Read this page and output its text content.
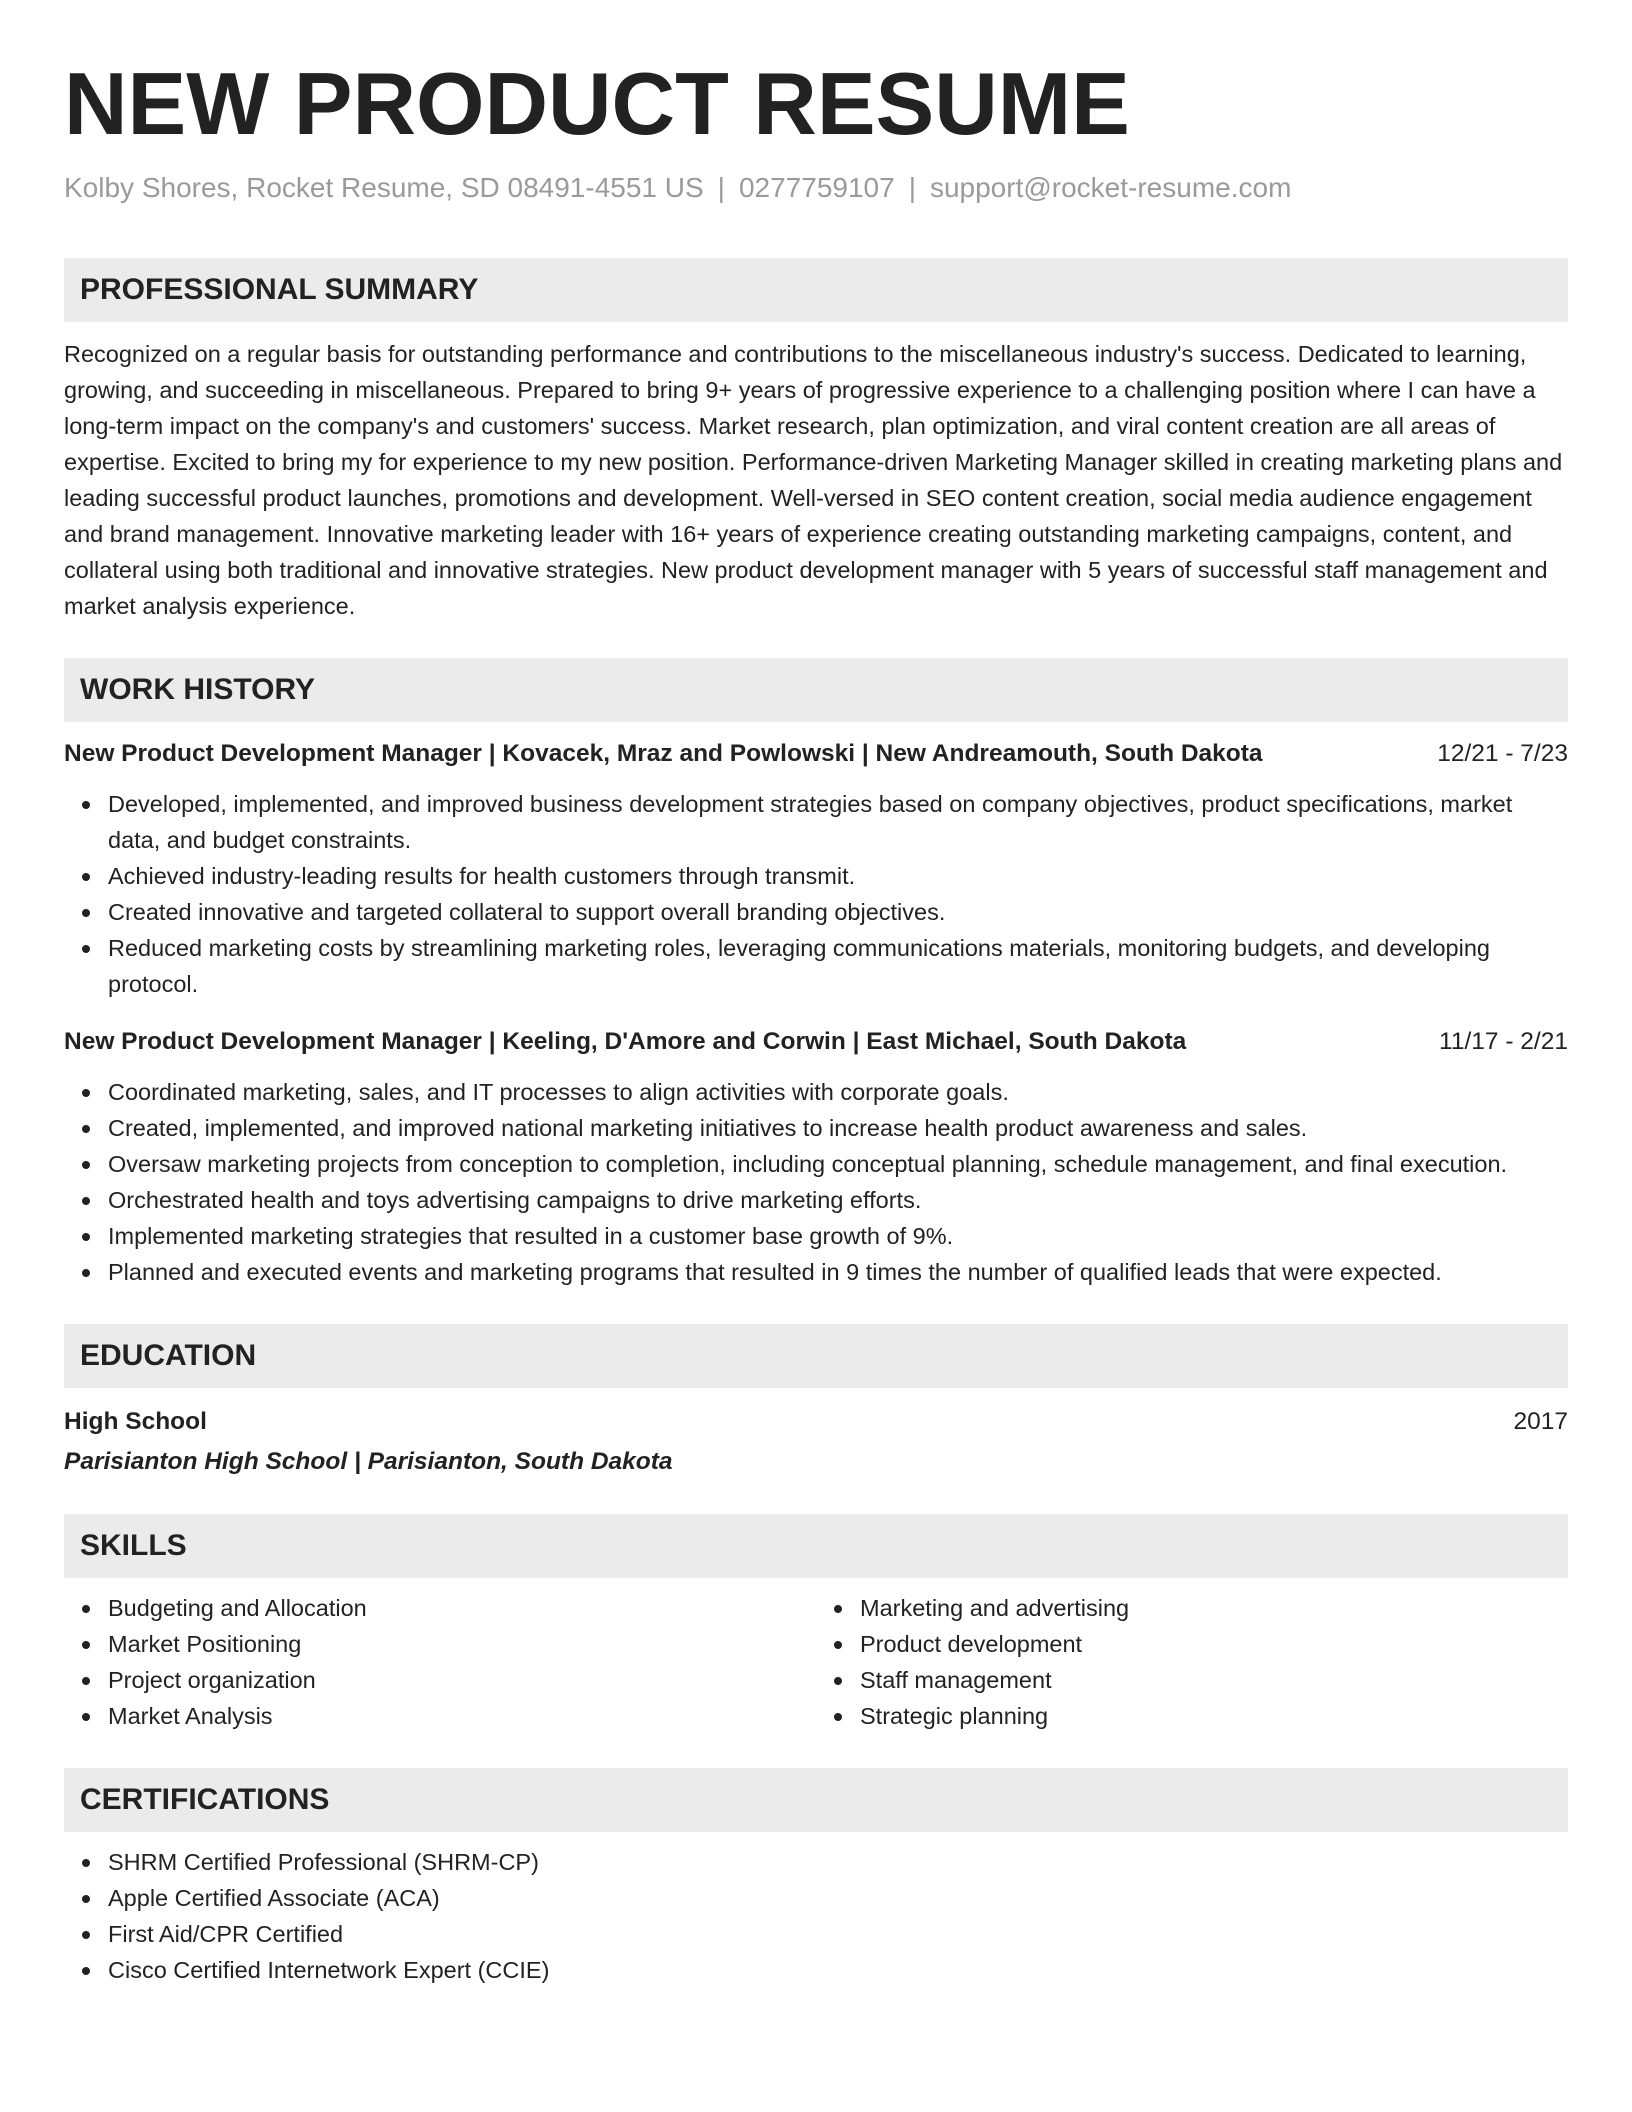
NEW PRODUCT RESUME
Kolby Shores, Rocket Resume, SD 08491-4551 US | 0277759107 | support@rocket-resume.com
PROFESSIONAL SUMMARY

Recognized on a regular basis for outstanding performance and contributions to the miscellaneous industry's success. Dedicated to learning, growing, and succeeding in miscellaneous. Prepared to bring 9+ years of progressive experience to a challenging position where I can have a long-term impact on the company's and customers' success. Market research, plan optimization, and viral content creation are all areas of expertise. Excited to bring my for experience to my new position. Performance-driven Marketing Manager skilled in creating marketing plans and leading successful product launches, promotions and development. Well-versed in SEO content creation, social media audience engagement and brand management. Innovative marketing leader with 16+ years of experience creating outstanding marketing campaigns, content, and collateral using both traditional and innovative strategies. New product development manager with 5 years of successful staff management and market analysis experience.

WORK HISTORY
New Product Development Manager | Kovacek, Mraz and Powlowski | New Andreamouth, South Dakota	12/21 - 7/23
Developed, implemented, and improved business development strategies based on company objectives, product specifications, market data, and budget constraints.
Achieved industry-leading results for health customers through transmit.
Created innovative and targeted collateral to support overall branding objectives.
Reduced marketing costs by streamlining marketing roles, leveraging communications materials, monitoring budgets, and developing protocol.
New Product Development Manager | Keeling, D'Amore and Corwin | East Michael, South Dakota	11/17 - 2/21
Coordinated marketing, sales, and IT processes to align activities with corporate goals.
Created, implemented, and improved national marketing initiatives to increase health product awareness and sales.
Oversaw marketing projects from conception to completion, including conceptual planning, schedule management, and final execution.
Orchestrated health and toys advertising campaigns to drive marketing efforts.
Implemented marketing strategies that resulted in a customer base growth of 9%.
Planned and executed events and marketing programs that resulted in 9 times the number of qualified leads that were expected.
EDUCATION
High School	2017
Parisianton High School | Parisianton, South Dakota
SKILLS
Budgeting and Allocation
Market Positioning
Project organization
Market Analysis
Marketing and advertising
Product development
Staff management
Strategic planning
CERTIFICATIONS
SHRM Certified Professional (SHRM-CP)
Apple Certified Associate (ACA)
First Aid/CPR Certified
Cisco Certified Internetwork Expert (CCIE)
